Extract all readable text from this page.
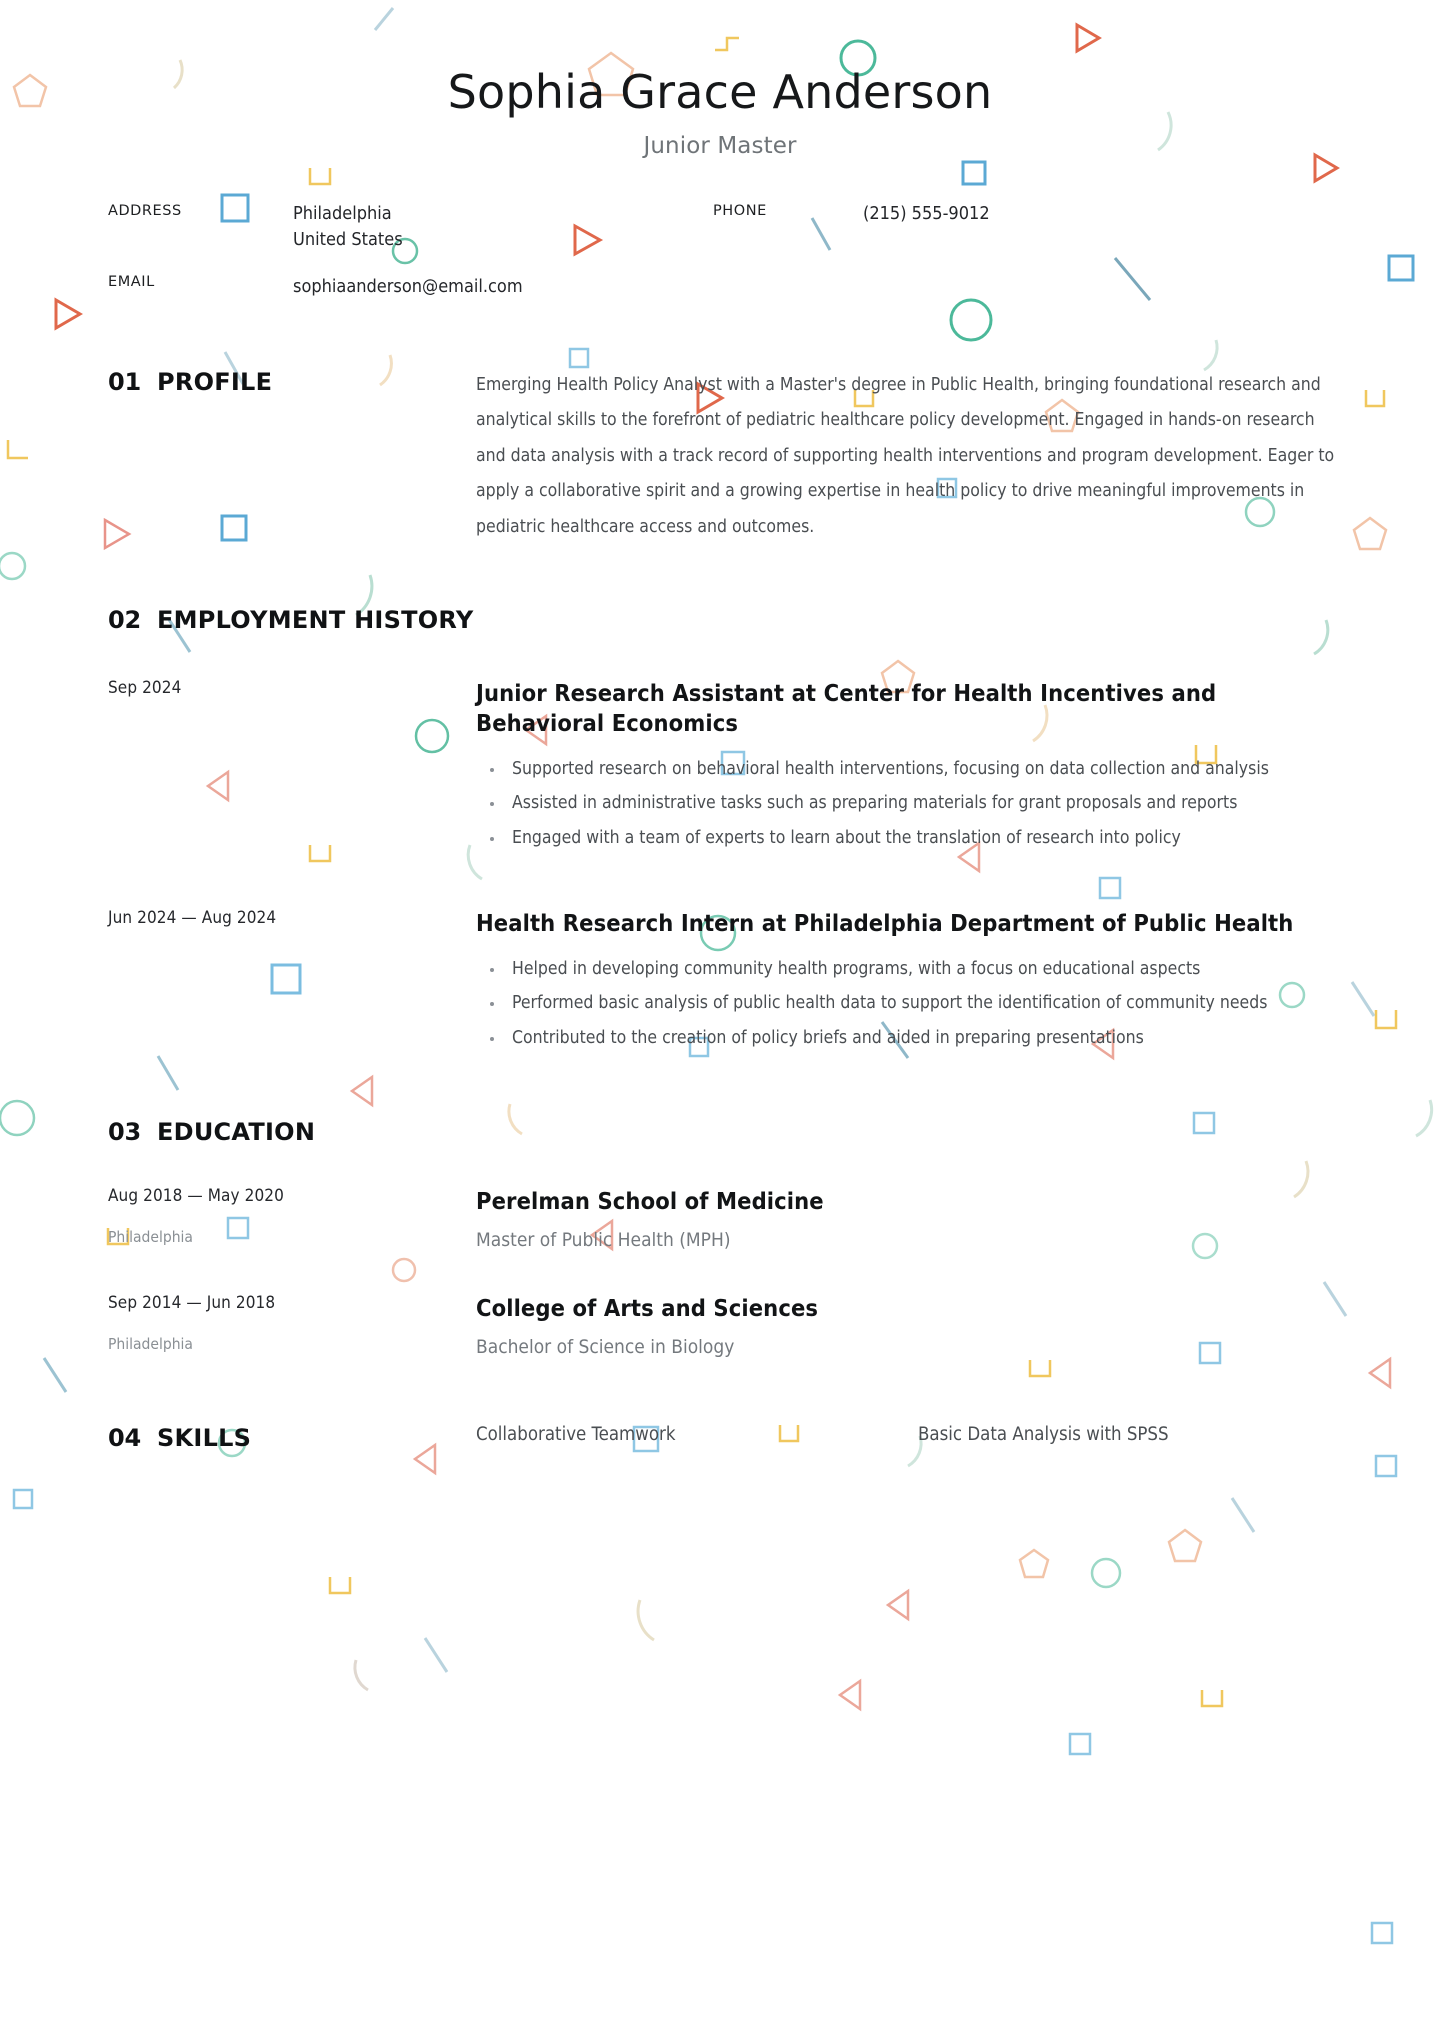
Sophia Grace Anderson
Junior Master
ADDRESS	Philadelphia
United States
PHONE	(215) 555-9012
EMAIL	sophiaanderson@email.com
01 PROFILE	Emerging Health Policy Analyst with a Master's degree in Public Health, bringing foundational research and analytical skills to the forefront of pediatric healthcare policy development. Engaged in hands-on research and data analysis with a track record of supporting health interventions and program development. Eager to apply a collaborative spirit and a growing expertise in health policy to drive meaningful improvements in pediatric healthcare access and outcomes.
02 EMPLOYMENT HISTORY
Sep 2024	Junior Research Assistant at Center for Health Incentives and Behavioral Economics
Supported research on behavioral health interventions, focusing on data collection and analysis
Assisted in administrative tasks such as preparing materials for grant proposals and reports
Engaged with a team of experts to learn about the translation of research into policy
Jun 2024 — Aug 2024	Health Research Intern at Philadelphia Department of Public Health
Helped in developing community health programs, with a focus on educational aspects
Performed basic analysis of public health data to support the identification of community needs
Contributed to the creation of policy briefs and aided in preparing presentations
03 EDUCATION
Aug 2018 — May 2020
Philadelphia
Perelman School of Medicine
Master of Public Health (MPH)
Sep 2014 — Jun 2018
Philadelphia
College of Arts and Sciences
Bachelor of Science in Biology
04 SKILLS	Collaborative Teamwork	Basic Data Analysis with SPSS
